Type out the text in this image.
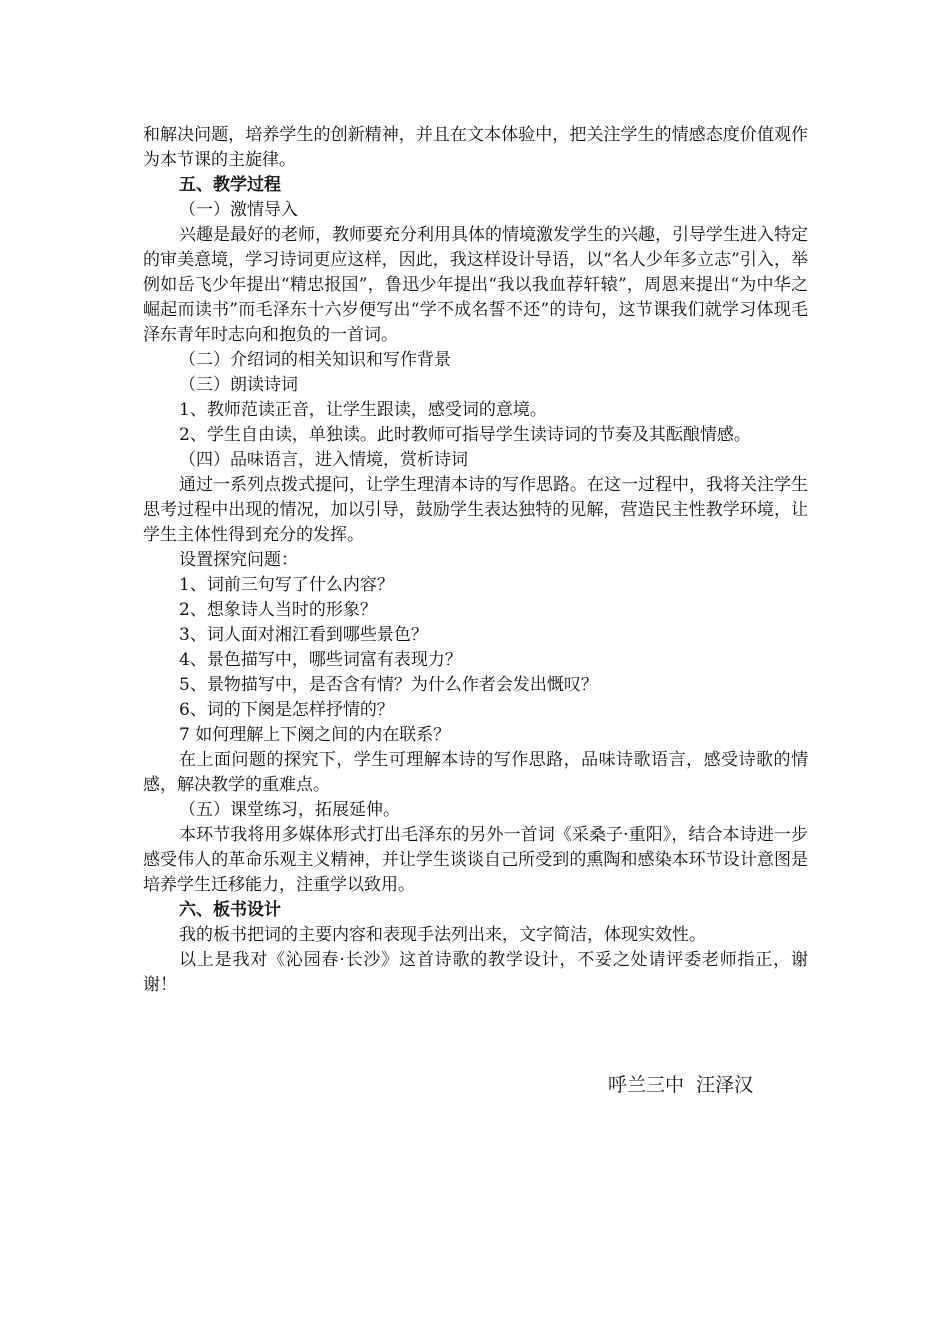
和解决问题，培养学生的创新精神，并且在文本体验中，把关注学生的情感态度价值观作为本节课的主旋律。

五、教学过程

（一）激情导入

兴趣是最好的老师，教师要充分利用具体的情境激发学生的兴趣，引导学生进入特定的审美意境，学习诗词更应这样，因此，我这样设计导语，以“名人少年多立志”引入，举例如岳飞少年提出“精忠报国”，鲁迅少年提出“我以我血荐轩辕”，周恩来提出“为中华之崛起而读书”而毛泽东十六岁便写出“学不成名誓不还”的诗句，这节课我们就学习体现毛泽东青年时志向和抱负的一首词。

（二）介绍词的相关知识和写作背景

（三）朗读诗词

1、教师范读正音，让学生跟读，感受词的意境。

2、学生自由读，单独读。此时教师可指导学生读诗词的节奏及其酝酿情感。

（四）品味语言，进入情境，赏析诗词

通过一系列点拨式提问，让学生理清本诗的写作思路。在这一过程中，我将关注学生思考过程中出现的情况，加以引导，鼓励学生表达独特的见解，营造民主性教学环境，让学生主体性得到充分的发挥。

设置探究问题：

1、词前三句写了什么内容？

2、想象诗人当时的形象？

3、词人面对湘江看到哪些景色？

4、景色描写中，哪些词富有表现力？

5、景物描写中，是否含有情？为什么作者会发出慨叹？

6、词的下阕是怎样抒情的？

7 如何理解上下阕之间的内在联系？

在上面问题的探究下，学生可理解本诗的写作思路，品味诗歌语言，感受诗歌的情感，解决教学的重难点。

（五）课堂练习，拓展延伸。

本环节我将用多媒体形式打出毛泽东的另外一首词《采桑子·重阳》，结合本诗进一步感受伟人的革命乐观主义精神，并让学生谈谈自己所受到的熏陶和感染本环节设计意图是培养学生迁移能力，注重学以致用。

六、板书设计

我的板书把词的主要内容和表现手法列出来，文字简洁，体现实效性。

以上是我对《沁园春·长沙》这首诗歌的教学设计，不妥之处请评委老师指正，谢谢！

呼兰三中  汪泽汉
